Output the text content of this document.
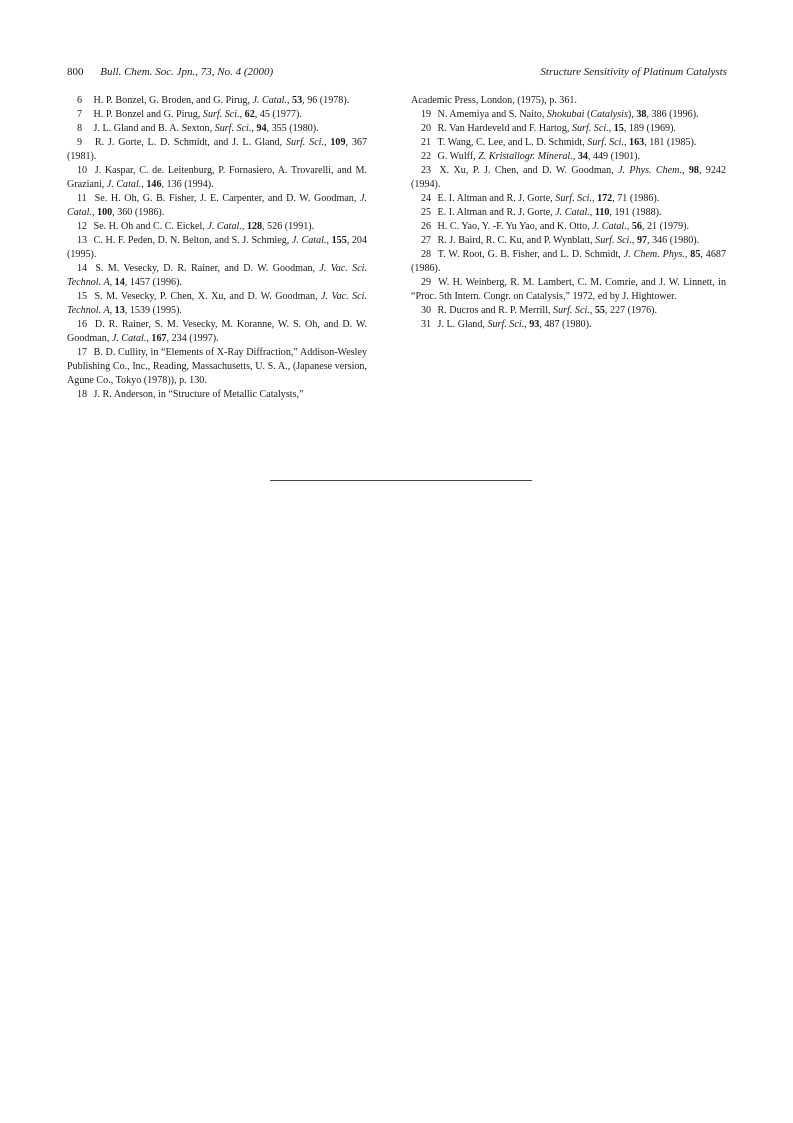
800 Bull. Chem. Soc. Jpn., 73, No. 4 (2000)	Structure Sensitivity of Platinum Catalysts

6 H. P. Bonzel, G. Broden, and G. Pirug, J. Catal., 53, 96 (1978).

7 H. P. Bonzel and G. Pirug, Surf. Sci., 62, 45 (1977).

8 J. L. Gland and B. A. Sexton, Surf. Sci., 94, 355 (1980).

9 R. J. Gorte, L. D. Schmidt, and J. L. Gland, Surf. Sci., 109, 367 (1981).

10 J. Kaspar, C. de. Leitenburg, P. Fornasiero, A. Trovarelli, and M. Graziani, J. Catal., 146, 136 (1994).

11 Se. H. Oh, G. B. Fisher, J. E. Carpenter, and D. W. Goodman, J. Catal., 100, 360 (1986).

12 Se. H. Oh and C. C. Eickel, J. Catal., 128, 526 (1991).

13 C. H. F. Peden, D. N. Belton, and S. J. Schmieg, J. Catal., 155, 204 (1995).

14 S. M. Vesecky, D. R. Rainer, and D. W. Goodman, J. Vac. Sci. Technol. A, 14, 1457 (1996).

15 S. M. Vesecky, P. Chen, X. Xu, and D. W. Goodman, J. Vac. Sci. Technol. A, 13, 1539 (1995).

16 D. R. Rainer, S. M. Vesecky, M. Koranne, W. S. Oh, and D. W. Goodman, J. Catal., 167, 234 (1997).

17 B. D. Cullity, in “Elements of X-Ray Diffraction,” Addison-Wesley Publishing Co., Inc., Reading, Massachusetts, U. S. A., (Japanese version, Agune Co., Tokyo (1978)), p. 130.

18 J. R. Anderson, in “Structure of Metallic Catalysts,”

Academic Press, London, (1975), p. 361.

19 N. Amemiya and S. Naito, Shokubai (Catalysis), 38, 386 (1996).

20 R. Van Hardeveld and F. Hartog, Surf. Sci., 15, 189 (1969).

21 T. Wang, C. Lee, and L. D. Schmidt, Surf. Sci., 163, 181 (1985).

22 G. Wulff, Z. Kristallogr. Mineral., 34, 449 (1901).

23 X. Xu, P. J. Chen, and D. W. Goodman, J. Phys. Chem., 98, 9242 (1994).

24 E. I. Altman and R. J. Gorte, Surf. Sci., 172, 71 (1986).

25 E. I. Altman and R. J. Gorte, J. Catal., 110, 191 (1988).

26 H. C. Yao, Y. -F. Yu Yao, and K. Otto, J. Catal., 56, 21 (1979).

27 R. J. Baird, R. C. Ku, and P. Wynblatt, Surf. Sci., 97, 346 (1980).

28 T. W. Root, G. B. Fisher, and L. D. Schmidt, J. Chem. Phys., 85, 4687 (1986).

29 W. H. Weinberg, R. M. Lambert, C. M. Comrie, and J. W. Linnett, in “Proc. 5th Intern. Congr. on Catalysis,” 1972, ed by J. Hightower.

30 R. Ducros and R. P. Merrill, Surf. Sci., 55, 227 (1976).

31 J. L. Gland, Surf. Sci., 93, 487 (1980).
